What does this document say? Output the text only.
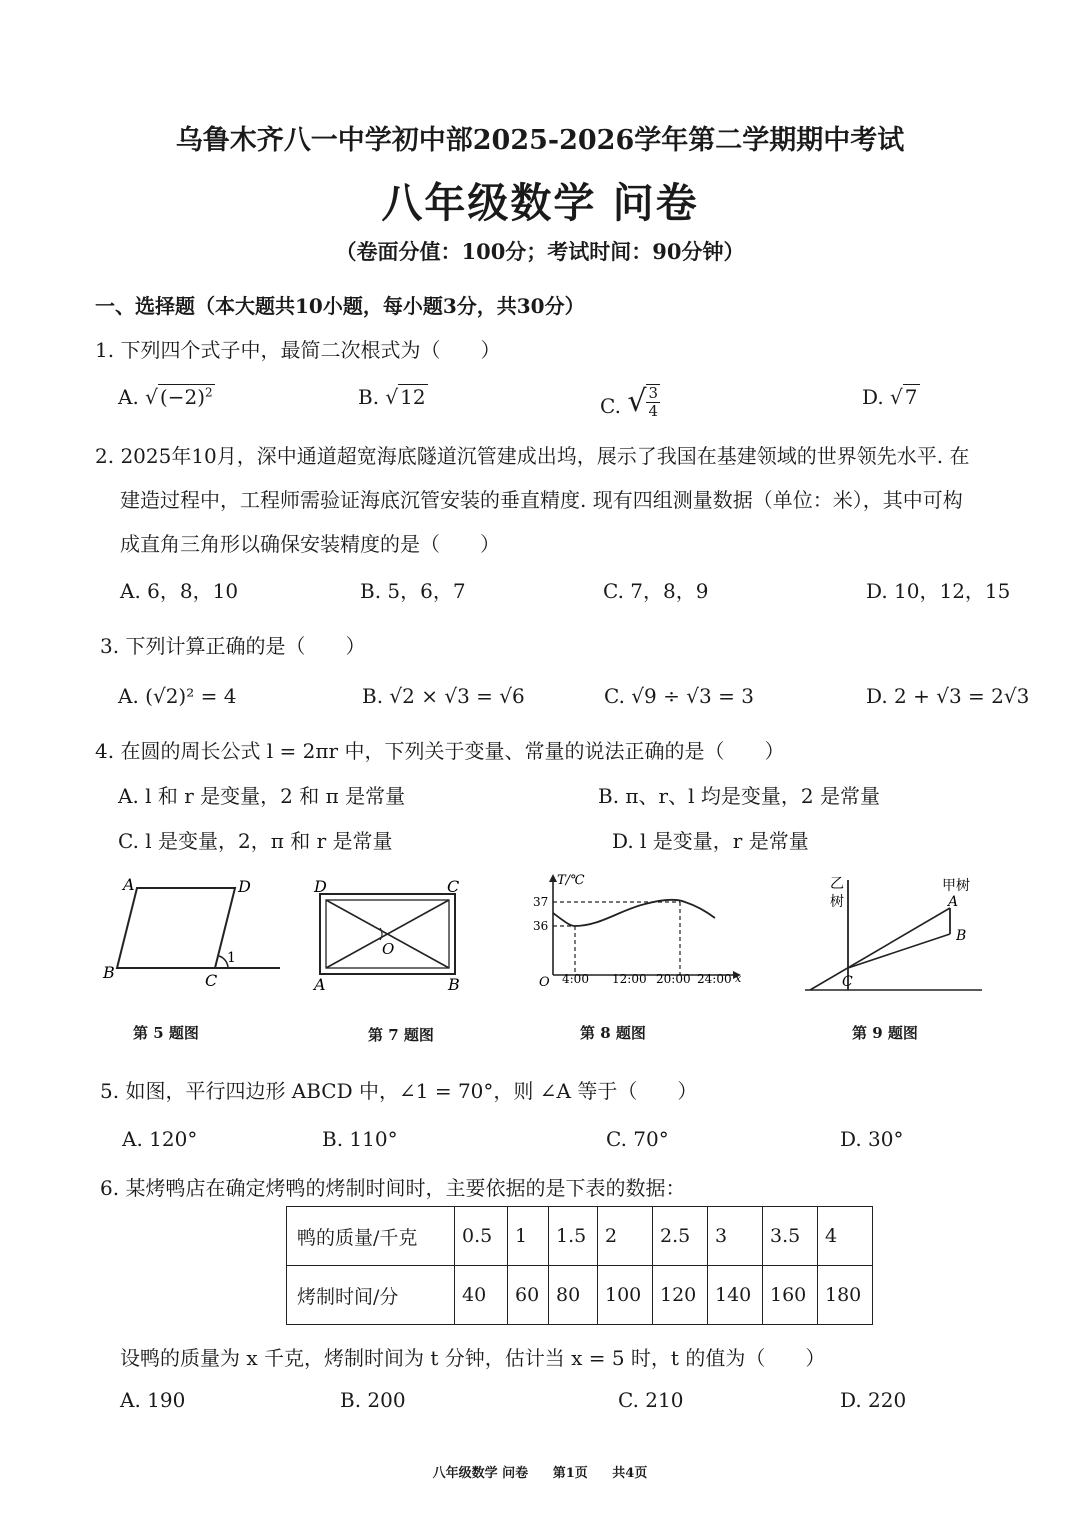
乌鲁木齐八一中学初中部2025-2026学年第二学期期中考试
八年级数学 问卷
（卷面分值：100分；考试时间：90分钟）
一、选择题（本大题共10小题，每小题3分，共30分）
1. 下列四个式子中，最简二次根式为（　　）
A. √ $(-2)^2$	B. √ 12	C. √ $\frac{3}{4}$	D. √ 7
2. 2025年10月，深中通道超宽海底隧道沉管建成出坞，展示了我国在基建领域的世界领先水平. 在
建造过程中，工程师需验证海底沉管安装的垂直精度. 现有四组测量数据（单位：米），其中可构
成直角三角形以确保安装精度的是（　　）
A. 6，8，10	B. 5，6，7	C. 7，8，9	D. 10，12，15
3. 下列计算正确的是（　　）
A. (√2)² = 4	B. √2 × √3 = √6	C. √9 ÷ √3 = 3	D. 2 + √3 = 2√3
4. 在圆的周长公式 l = 2πr 中，下列关于变量、常量的说法正确的是（　　）
A. l 和 r 是变量，2 和 π 是常量	B. π、r、l 均是变量，2 是常量
C. l 是变量，2，π 和 r 是常量	D. l 是变量，r 是常量
A	D
B	C
1
第 5 题图
D	C
A	B
O
第 7 题图
T/℃
37
36
O 4:00 12:00 20:00 24:00 x
第 8 题图
乙
树
甲树
A
B
C
第 9 题图
5. 如图，平行四边形 ABCD 中，∠1 = 70°，则 ∠A 等于（　　）
A. 120°	B. 110°	C. 70°	D. 30°
6. 某烤鸭店在确定烤鸭的烤制时间时，主要依据的是下表的数据：
鸭的质量/千克	0.5	1	1.5	2	2.5	3	3.5	4
烤制时间/分	40	60	80	100	120	140	160	180
设鸭的质量为 x 千克，烤制时间为 t 分钟，估计当 x = 5 时，t 的值为（　　）
A. 190	B. 200	C. 210	D. 220
八年级数学 问卷 第1页 共4页
